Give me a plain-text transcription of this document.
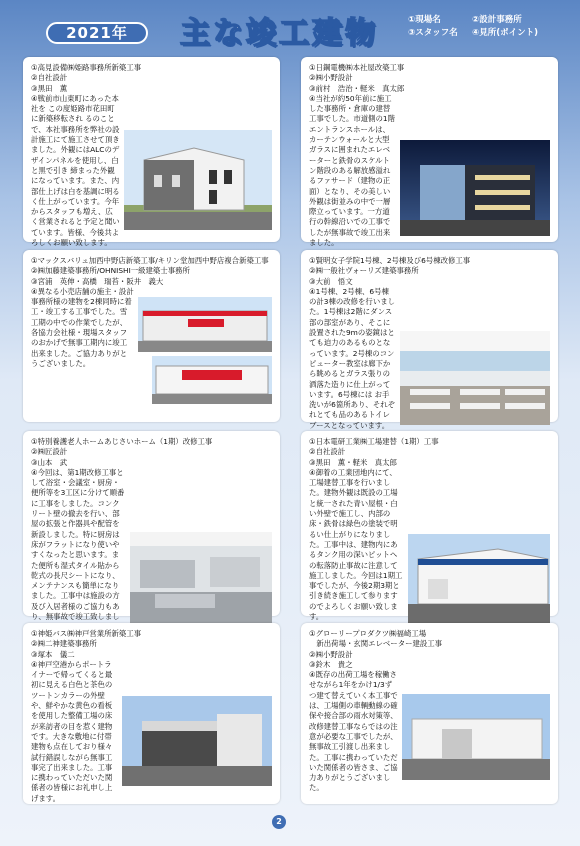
2021年	主な竣工建物	①現場名	②設計事務所
③スタッフ名	④見所(ポイント)
①高見設備㈱姫路事務所新築工事
②自社設計
③黒田　薫
④戦前市山東町にあった本社を この度姫路市花田町に新築移転され るのことで、本社事務所を弊社の設計施工にて施工させて頂き ました。外観にはALCのデザインパネルを使用し、白と黒で引き 締まった外観になっています。また、内部仕上げは白を基調に明るく仕上がっています。今年からスタッフも増え、広く営業されると予定と聞いています。皆様、今後共よろしくお願い致します。
①日鋼電機㈱本社屋改築工事
②㈱小野設計
③前村　浩治・軽米　真太郎
④当社が約50年前に施工した事務所・倉庫の建替工事でした。市道側の1階エントランスホールは、カーテンウォールと大型ガラスに囲まれたエレベーターと鉄骨のスケルトン階段のある解放感溢れるファサード（建物の正面）となり、その美しい外観は街並みの中で一層際立っています。一方道行の幹線沿いでの工事でしたが無事故で竣工出来ました。
①マックスバリュ加西中野店新築工事/キリン堂加西中野店複合新築工事
②㈱加藤建築事務所/OHNISHI一級建築士事務所
③宮浦　英伸・高橋　瑞苔・阪井　義大
④異なる小売店舗の施主・設計事務所様の建物を2棟同時に着工・竣工する工事でした。雪工期の中での作業でしたが、各協力会社様・現場スタッフのおかげで無事工期内に竣工出来ました。ご協力ありがとうございました。
①賢明女子学院1号棟、2号棟及び6号棟改修工事
②㈱一般社ヴォーリズ建築事務所
③大前　悟文
④1号棟、2号棟、6号棟の計3棟の改修を行いました。1号棟は2階にダンス部の部室があり、そこに設置された9mの姿鏡はとても迫力のあるものとなっています。2号棟のコンピューター教室は廊下から眺めるとガラス張りの洒落た造りに仕上がっています。6号棟には お手洗いが6箇所あり、それぞれとても品のあるトイレブースとなっています。
①特別養護老人ホームあじさいホーム（1期）改修工事
②㈱匠設計
③山本　武
④今回は、第1期改修工事として浴室・会議室・厨房・便所等を3工区に分けて順番に工事をしました。コンクリート壁の撤去を行い、部屋の拡張と作器具や配管を新設しました。特に厨房は床がフラットになり使いやすくなったと思います。また便所も湿式タイル貼から乾式の長尺シートになり、メンテナンスも簡単になりました。工事中は施設の方及び入居者様のご協力もあり、無事故で竣工致しまし
①日本電研工業㈱工場建替（1期）工事
②自社設計
③黒田　薫・軽米　真太郎
④御着の工業団地内にて、工場建替工事を行いました。建物外観は既設の工場と統一された青い屋根・白い外壁で施工し、内部の床・鉄骨は緑色の塗装で明るい仕上がりになりました。工事中は、建物内にあるタンク用の深いピットへの転落防止事故に注意して施工しました。今回は1期工事でしたが、今後2期3期と引き続き施工して参りますのでよろしくお願い致します。
①神姫バス㈱神戸営業所新築工事
②㈱二神建築事務所
③塚本　儀二
④神戸空港からポートライナーで帰ってくると最初に見える白色と茶色のツートンカラーの外壁や、鮮やかな黄色の看板を使用した整備工場の床が来訪者の目を惹く建物です。大きな敷地に付帯建物も点在しており様々試行錯誤しながら無事工事完了出来ました。工事に携わっていただいた関係者の皆様にお礼申し上げます。
①グローリープロダクツ㈱福崎工場
　新出荷場・玄関エレベーター建設工事
②㈱小野設計
③鈴木　貴之
④既存の出荷工場を稼働させながら1年をかけ1/3ずつ建て替えていく本工事では、工場側の車輌動線の確保や接合部の雨水対策等、改修建替工事ならではの注意が必要な工事でしたが、無事故工引渡し出来ました。工事に携わっていただいた関係者の皆さま、ご協力ありがとうございました。
2
